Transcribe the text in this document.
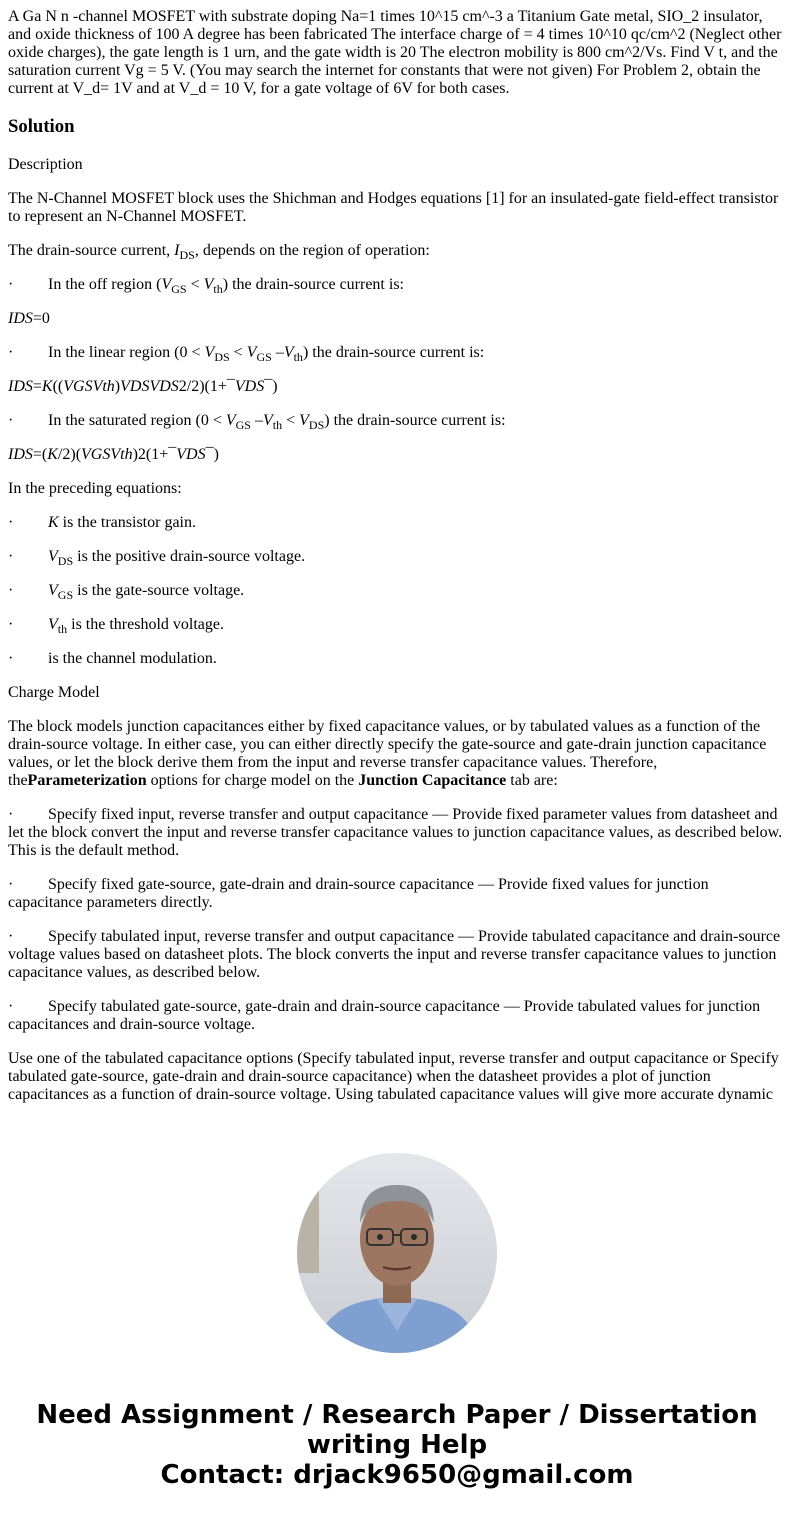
A Ga N n -channel MOSFET with substrate doping Na=1 times 10^15 cm^-3 a Titanium Gate metal, SIO_2 insulator, and oxide thickness of 100 A degree has been fabricated The interface charge of = 4 times 10^10 qc/cm^2 (Neglect other oxide charges), the gate length is 1 urn, and the gate width is 20 The electron mobility is 800 cm^2/Vs. Find V t, and the saturation current Vg = 5 V. (You may search the internet for constants that were not given) For Problem 2, obtain the current at V_d= 1V and at V_d = 10 V, for a gate voltage of 6V for both cases.

Solution

Description

The N-Channel MOSFET block uses the Shichman and Hodges equations [1] for an insulated-gate field-effect transistor to represent an N-Channel MOSFET.

The drain-source current, $I_{DS}$, depends on the region of operation:

· In the off region $(V_{GS} < V_{th})$ the drain-source current is:

IDS=0

· In the linear region ($0 < V_{DS} < V_{GS}$ $-V_{th}$) the drain-source current is:

IDS=K((VGSVth)VDSVDS2/2)(1+¯VDS¯)

· In the saturated region ($0 < V_{GS}$ $-V_{th} < V_{DS}$) the drain-source current is:

IDS=(K/2)(VGSVth)2(1+¯VDS¯)

In the preceding equations:

· K is the transistor gain.

· $V_{DS}$ is the positive drain-source voltage.

· $V_{GS}$ is the gate-source voltage.

· $V_{th}$ is the threshold voltage.

· is the channel modulation.

Charge Model

The block models junction capacitances either by fixed capacitance values, or by tabulated values as a function of the drain-source voltage. In either case, you can either directly specify the gate-source and gate-drain junction capacitance values, or let the block derive them from the input and reverse transfer capacitance values. Therefore, theParameterization options for charge model on the Junction Capacitance tab are:

· Specify fixed input, reverse transfer and output capacitance — Provide fixed parameter values from datasheet and let the block convert the input and reverse transfer capacitance values to junction capacitance values, as described below. This is the default method.

· Specify fixed gate-source, gate-drain and drain-source capacitance — Provide fixed values for junction capacitance parameters directly.

· Specify tabulated input, reverse transfer and output capacitance — Provide tabulated capacitance and drain-source voltage values based on datasheet plots. The block converts the input and reverse transfer capacitance values to junction capacitance values, as described below.

· Specify tabulated gate-source, gate-drain and drain-source capacitance — Provide tabulated values for junction capacitances and drain-source voltage.

Use one of the tabulated capacitance options (Specify tabulated input, reverse transfer and output capacitance or Specify tabulated gate-source, gate-drain and drain-source capacitance) when the datasheet provides a plot of junction capacitances as a function of drain-source voltage. Using tabulated capacitance values will give more accurate dynamic

Need Assignment / Research Paper / Dissertation
writing Help
Contact: drjack9650@gmail.com
